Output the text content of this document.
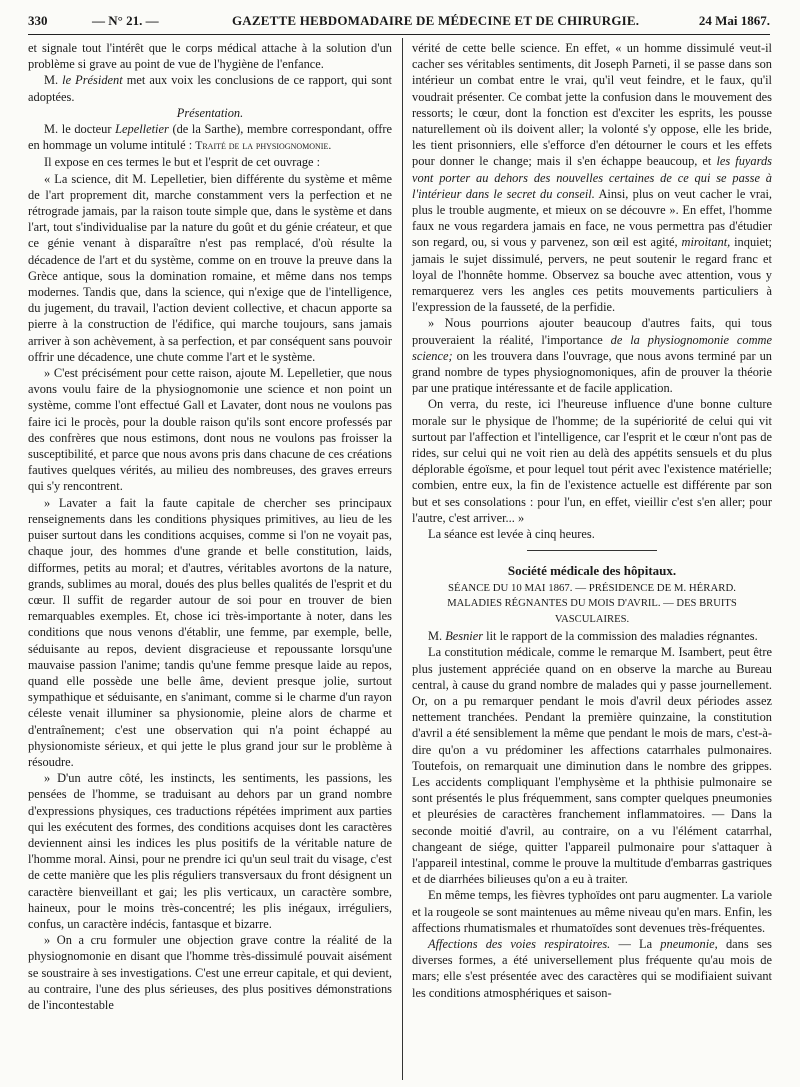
330	— N° 21. —	GAZETTE HEBDOMADAIRE DE MÉDECINE ET DE CHIRURGIE.	24 Mai 1867.

et signale tout l'intérêt que le corps médical attache à la solution d'un problème si grave au point de vue de l'hygiène de l'enfance.

M. le Président met aux voix les conclusions de ce rapport, qui sont adoptées.

Présentation.

M. le docteur Lepelletier (de la Sarthe), membre correspondant, offre en hommage un volume intitulé : Traité de la physiognomonie.

Il expose en ces termes le but et l'esprit de cet ouvrage :

« La science, dit M. Lepelletier, bien différente du système et même de l'art proprement dit, marche constamment vers la perfection et ne rétrograde jamais, par la raison toute simple que, dans le système et dans l'art, tout s'individualise par la nature du goût et du génie créateur, et que ce génie venant à disparaître n'est pas remplacé, d'où résulte la décadence de l'art et du système, comme on en trouve la preuve dans la Grèce antique, sous la domination romaine, et même dans nos temps modernes. Tandis que, dans la science, qui n'exige que de l'intelligence, du jugement, du travail, l'action devient collective, et chacun apporte sa pierre à la construction de l'édifice, qui marche toujours, sans jamais arriver à son achèvement, à sa perfection, et par conséquent sans pouvoir offrir une décadence, une chute comme l'art et le système.

» C'est précisément pour cette raison, ajoute M. Lepelletier, que nous avons voulu faire de la physiognomonie une science et non point un système, comme l'ont effectué Gall et Lavater, dont nous ne voulons pas faire ici le procès, pour la double raison qu'ils sont encore professés par des confrères que nous estimons, dont nous ne voulons pas froisser la susceptibilité, et parce que nous avons pris dans chacune de ces créations fautives quelques vérités, au milieu des nombreuses, des graves erreurs qui s'y rencontrent.

» Lavater a fait la faute capitale de chercher ses principaux renseignements dans les conditions physiques primitives, au lieu de les puiser surtout dans les conditions acquises, comme si l'on ne voyait pas, chaque jour, des hommes d'une grande et belle constitution, laids, difformes, petits au moral; et d'autres, véritables avortons de la nature, grands, sublimes au moral, doués des plus belles qualités de l'esprit et du cœur. Il suffit de regarder autour de soi pour en trouver de bien remarquables exemples. Et, chose ici très-importante à noter, dans les conditions que nous venons d'établir, une femme, par exemple, belle, séduisante au repos, devient disgracieuse et repoussante lorsqu'une mauvaise passion l'anime; tandis qu'une femme presque laide au repos, quand elle possède une belle âme, devient presque jolie, surtout sympathique et séduisante, en s'animant, comme si le charme d'un rayon céleste venait illuminer sa physionomie, pleine alors de charme et d'entraînement; c'est une observation qui n'a point échappé au physionomiste sérieux, et qui jette le plus grand jour sur le problème à résoudre.

» D'un autre côté, les instincts, les sentiments, les passions, les pensées de l'homme, se traduisant au dehors par un grand nombre d'expressions physiques, ces traductions répétées impriment aux parties qui les exécutent des formes, des conditions acquises dont les caractères deviennent ainsi les indices les plus positifs de la véritable nature de l'homme moral. Ainsi, pour ne prendre ici qu'un seul trait du visage, c'est de cette manière que les plis réguliers transversaux du front désignent un caractère bienveillant et gai; les plis verticaux, un caractère sombre, haineux, pour le moins très-concentré; les plis inégaux, irréguliers, confus, un caractère indécis, fantasque et bizarre.

» On a cru formuler une objection grave contre la réalité de la physiognomonie en disant que l'homme très-dissimulé pouvait aisément se soustraire à ses investigations. C'est une erreur capitale, et qui devient, au contraire, l'une des plus sérieuses, des plus positives démonstrations de l'incontestable

vérité de cette belle science. En effet, « un homme dissimulé veut-il cacher ses véritables sentiments, dit Joseph Parneti, il se passe dans son intérieur un combat entre le vrai, qu'il veut feindre, et le faux, qu'il voudrait présenter. Ce combat jette la confusion dans le mouvement des ressorts; le cœur, dont la fonction est d'exciter les esprits, les pousse naturellement où ils doivent aller; la volonté s'y oppose, elle les bride, les tient prisonniers, elle s'efforce d'en détourner le cours et les effets pour donner le change; mais il s'en échappe beaucoup, et les fuyards vont porter au dehors des nouvelles certaines de ce qui se passe à l'intérieur dans le secret du conseil. Ainsi, plus on veut cacher le vrai, plus le trouble augmente, et mieux on se découvre ». En effet, l'homme faux ne vous regardera jamais en face, ne vous permettra pas d'étudier son regard, ou, si vous y parvenez, son œil est agité, miroitant, inquiet; jamais le sujet dissimulé, pervers, ne peut soutenir le regard franc et loyal de l'honnête homme. Observez sa bouche avec attention, vous y remarquerez vers les angles ces petits mouvements particuliers à l'expression de la fausseté, de la perfidie.

» Nous pourrions ajouter beaucoup d'autres faits, qui tous prouveraient la réalité, l'importance de la physiognomonie comme science; on les trouvera dans l'ouvrage, que nous avons terminé par un grand nombre de types physiognomoniques, afin de prouver la théorie par une pratique intéressante et de facile application.

On verra, du reste, ici l'heureuse influence d'une bonne culture morale sur le physique de l'homme; de la supériorité de celui qui vit surtout par l'affection et l'intelligence, car l'esprit et le cœur n'ont pas de rides, sur celui qui ne voit rien au delà des appétits sensuels et du plus déplorable égoïsme, et pour lequel tout périt avec l'existence matérielle; combien, entre eux, la fin de l'existence actuelle est différente par son but et ses consolations : pour l'un, en effet, vieillir c'est s'en aller; pour l'autre, c'est arriver... »

La séance est levée à cinq heures.

Société médicale des hôpitaux.

SÉANCE DU 10 MAI 1867. — PRÉSIDENCE DE M. HÉRARD.

MALADIES RÉGNANTES DU MOIS D'AVRIL. — DES BRUITS VASCULAIRES.

M. Besnier lit le rapport de la commission des maladies régnantes.

La constitution médicale, comme le remarque M. Isambert, peut être plus justement appréciée quand on en observe la marche au Bureau central, à cause du grand nombre de malades qui y passe journellement. Or, on a pu remarquer pendant le mois d'avril deux périodes assez nettement tranchées. Pendant la première quinzaine, la constitution d'avril a été sensiblement la même que pendant le mois de mars, c'est-à-dire qu'on a vu prédominer les affections catarrhales pulmonaires. Toutefois, on remarquait une diminution dans le nombre des grippes. Les accidents compliquant l'emphysème et la phthisie pulmonaire se sont présentés le plus fréquemment, sans compter quelques pneumonies et pleurésies de caractères franchement inflammatoires. — Dans la seconde moitié d'avril, au contraire, on a vu l'élément catarrhal, changeant de siége, quitter l'appareil pulmonaire pour s'attaquer à l'appareil intestinal, comme le prouve la multitude d'embarras gastriques et de diarrhées bilieuses qu'on a eu à traiter.

En même temps, les fièvres typhoïdes ont paru augmenter. La variole et la rougeole se sont maintenues au même niveau qu'en mars. Enfin, les affections rhumatismales et rhumatoïdes sont devenues très-fréquentes.

Affections des voies respiratoires. — La pneumonie, dans ses diverses formes, a été universellement plus fréquente qu'au mois de mars; elle s'est présentée avec des caractères qui se modifiaient suivant les conditions atmosphériques et saison-
